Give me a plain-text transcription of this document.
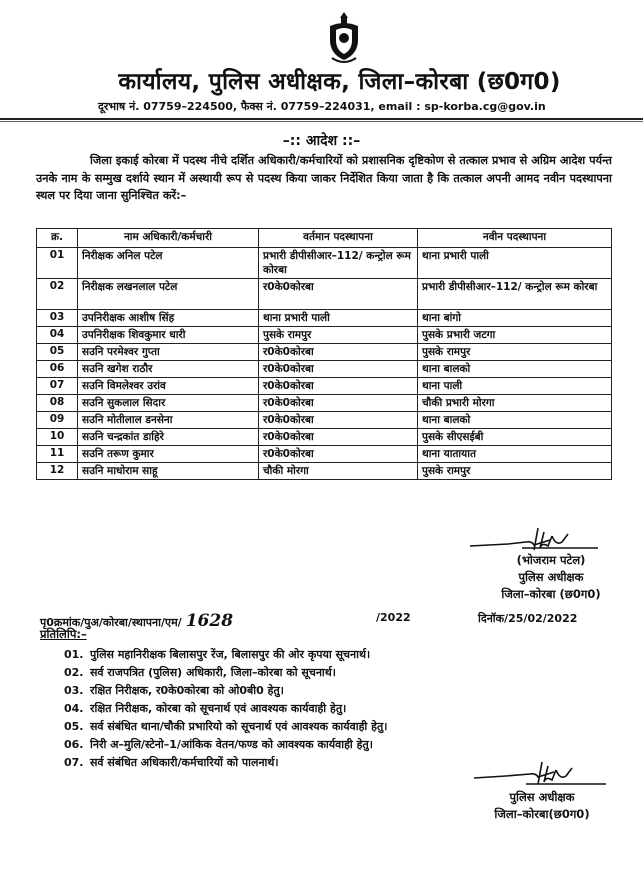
कार्यालय, पुलिस अधीक्षक, जिला–कोरबा (छ0ग0)
दूरभाष नं. 07759–224500, फैक्स नं. 07759–224031, email : sp-korba.cg@gov.in
–:: आदेश ::–
जिला इकाई कोरबा में पदस्थ नीचे दर्शित अधिकारी/कर्मचारियों को प्रशासनिक दृष्टिकोण से तत्काल प्रभाव से अग्रिम आदेश पर्यन्त उनके नाम के सम्मुख दर्शाये स्थान में अस्थायी रूप से पदस्थ किया जाकर निर्देशित किया जाता है कि तत्काल अपनी आमद नवीन पदस्थापना स्थल पर दिया जाना सुनिश्चित करें:–
क्र.	नाम अधिकारी/कर्मचारी	वर्तमान पदस्थापना	नवीन पदस्थापना
01	निरीक्षक अनिल पटेल	प्रभारी डीपीसीआर–112/ कन्ट्रोल रूम कोरबा	थाना प्रभारी पाली
02	निरीक्षक लखनलाल पटेल	र0के0कोरबा	प्रभारी डीपीसीआर–112/ कन्ट्रोल रूम कोरबा
03	उपनिरीक्षक आशीष सिंह	थाना प्रभारी पाली	थाना बांगो
04	उपनिरीक्षक शिवकुमार धारी	पुसके रामपुर	पुसके प्रभारी जटगा
05	सउनि परमेश्वर गुप्ता	र0के0कोरबा	पुसके रामपुर
06	सउनि खगेश राठौर	र0के0कोरबा	थाना बालको
07	सउनि विमलेश्वर उरांव	र0के0कोरबा	थाना पाली
08	सउनि सुकलाल सिदार	र0के0कोरबा	चौकी प्रभारी मोरगा
09	सउनि मोतीलाल डनसेना	र0के0कोरबा	थाना बालको
10	सउनि चन्द्रकांत डाहिरे	र0के0कोरबा	पुसके सीएसईबी
11	सउनि तरूण कुमार	र0के0कोरबा	थाना यातायात
12	सउनि माधोराम साहू	चौकी मोरगा	पुसके रामपुर
(भोजराम पटेल)
पुलिस अधीक्षक
जिला–कोरबा (छ0ग0)
पृ0क्रमांक/पुअ/कोरबा/स्थापना/एम/ 1628	/2022	दिनॉक/25/02/2022
प्रतिलिपि:–
01. पुलिस महानिरीक्षक बिलासपुर रेंज, बिलासपुर की ओर कृपया सूचनार्थ।
02. सर्व राजपत्रित (पुलिस) अधिकारी, जिला–कोरबा को सूचनार्थ।
03. रक्षित निरीक्षक, र0के0कोरबा को ओ0बी0 हेतु।
04. रक्षित निरीक्षक, कोरबा को सूचनार्थ एवं आवश्यक कार्यवाही हेतु।
05. सर्व संबंधित थाना/चौकी प्रभारियो को सूचनार्थ एवं आवश्यक कार्यवाही हेतु।
06. निरी अ–मुलि/स्टेनो–1/आंकिक वेतन/फण्ड को आवश्यक कार्यवाही हेतु।
07. सर्व संबंधित अधिकारी/कर्मचारियों को पालनार्थ।
पुलिस अधीक्षक
जिला–कोरबा(छ0ग0)
